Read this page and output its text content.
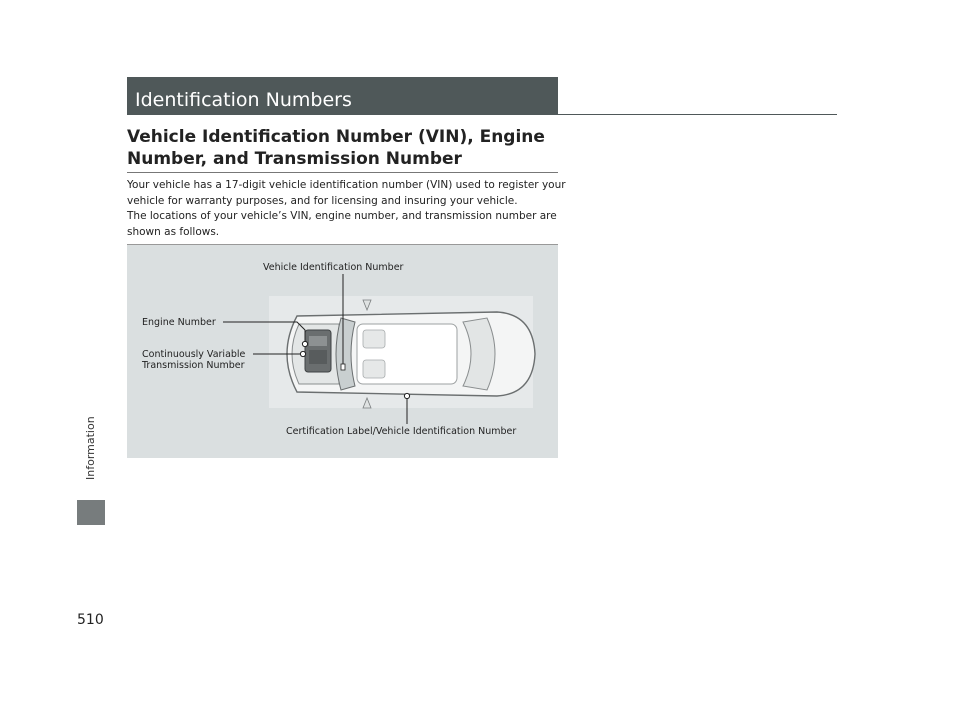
Information
Identification Numbers
Vehicle Identification Number (VIN), Engine Number, and Transmission Number

Your vehicle has a 17-digit vehicle identification number (VIN) used to register your vehicle for warranty purposes, and for licensing and insuring your vehicle.

The locations of your vehicle’s VIN, engine number, and transmission number are shown as follows.

Vehicle Identification Number
Engine Number
Continuously Variable
Transmission Number
Certification Label/Vehicle Identification Number
510
